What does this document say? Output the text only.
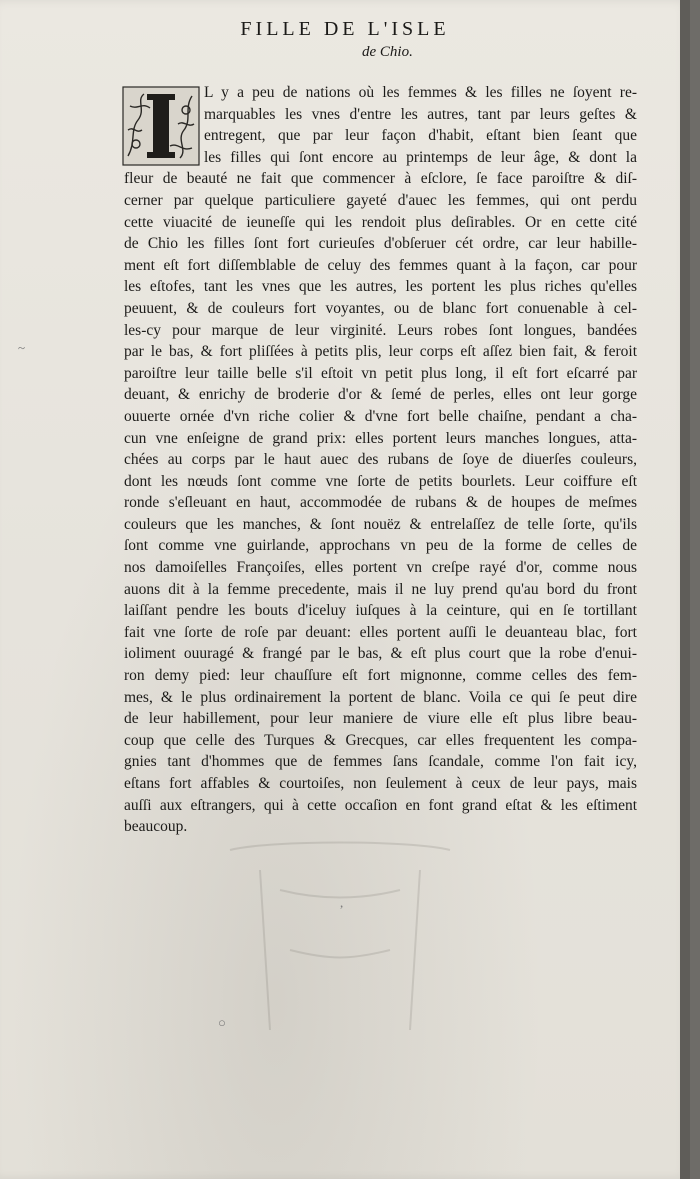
FILLE DE L'ISLE
de Chio.
I	L y a peu de nations où les femmes & les filles ne ſoyent re-
marquables les vnes d'entre les autres, tant par leurs geſtes &
entregent, que par leur façon d'habit, eſtant bien ſeant que
les filles qui ſont encore au printemps de leur âge, & dont la
fleur de beauté ne fait que commencer à eſclore, ſe face paroiſtre & diſ-
cerner par quelque particuliere gayeté d'auec les femmes, qui ont perdu
cette viuacité de ieuneſſe qui les rendoit plus deſirables. Or en cette cité
de Chio les filles ſont fort curieuſes d'obſeruer cét ordre, car leur habille-
ment eſt fort diſſemblable de celuy des femmes quant à la façon, car pour
les eſtofes, tant les vnes que les autres, les portent les plus riches qu'elles
peuuent, & de couleurs fort voyantes, ou de blanc fort conuenable à cel-
les-cy pour marque de leur virginité. Leurs robes ſont longues, bandées
par le bas, & fort pliſſées à petits plis, leur corps eſt aſſez bien fait, & feroit
paroiſtre leur taille belle s'il eſtoit vn petit plus long, il eſt fort eſcarré par
deuant, & enrichy de broderie d'or & ſemé de perles, elles ont leur gorge
ouuerte ornée d'vn riche colier & d'vne fort belle chaiſne, pendant a cha-
cun vne enſeigne de grand prix: elles portent leurs manches longues, atta-
chées au corps par le haut auec des rubans de ſoye de diuerſes couleurs,
dont les nœuds ſont comme vne ſorte de petits bourlets. Leur coiffure eſt
ronde s'eſleuant en haut, accommodée de rubans & de houpes de meſmes
couleurs que les manches, & ſont nouëz & entrelaſſez de telle ſorte, qu'ils
ſont comme vne guirlande, approchans vn peu de la forme de celles de
nos damoiſelles Françoiſes, elles portent vn creſpe rayé d'or, comme nous
auons dit à la femme precedente, mais il ne luy prend qu'au bord du front
laiſſant pendre les bouts d'iceluy iuſques à la ceinture, qui en ſe tortillant
fait vne ſorte de roſe par deuant: elles portent auſſi le deuanteau blac, fort
ioliment ouuragé & frangé par le bas, & eſt plus court que la robe d'enui-
ron demy pied: leur chauſſure eſt fort mignonne, comme celles des fem-
mes, & le plus ordinairement la portent de blanc. Voila ce qui ſe peut dire
de leur habillement, pour leur maniere de viure elle eſt plus libre beau-
coup que celle des Turques & Grecques, car elles frequentent les compa-
gnies tant d'hommes que de femmes ſans ſcandale, comme l'on fait icy,
eſtans fort affables & courtoiſes, non ſeulement à ceux de leur pays, mais
auſſi aux eſtrangers, qui à cette occaſion en font grand eſtat & les eſtiment
beaucoup.
~
,
○
